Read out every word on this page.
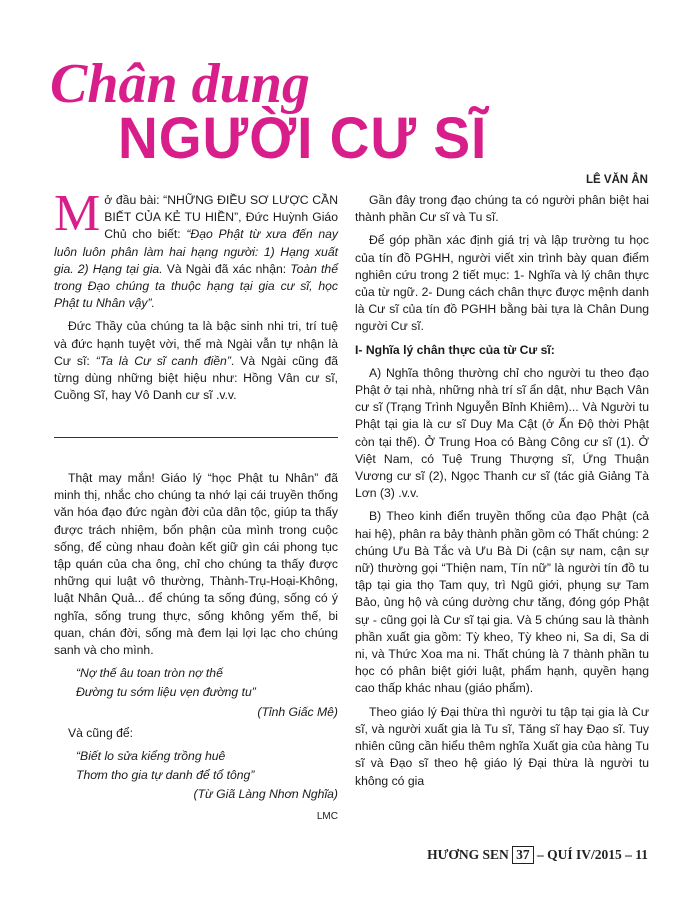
Chân dung
NGƯỜI CƯ SĨ
LÊ VĂN ÂN

Mở đầu bài: “NHỮNG ĐIỀU SƠ LƯỢC CẦN BIẾT CỦA KẺ TU HIỀN”, Đức Huỳnh Giáo Chủ cho biết: “Đạo Phật từ xưa đến nay luôn luôn phân làm hai hạng người: 1) Hạng xuất gia. 2) Hạng tại gia. Và Ngài đã xác nhận: Toàn thể trong Đạo chúng ta thuộc hạng tại gia cư sĩ, học Phật tu Nhân vậy”.

Đức Thầy của chúng ta là bậc sinh nhi tri, trí tuệ và đức hạnh tuyệt vời, thế mà Ngài vẫn tự nhận là Cư sĩ: “Ta là Cư sĩ canh điền”. Và Ngài cũng đã từng dùng những biệt hiệu như: Hồng Vân cư sĩ, Cuồng Sĩ, hay Vô Danh cư sĩ .v.v.

Thật may mắn! Giáo lý “học Phật tu Nhân” đã minh thị, nhắc cho chúng ta nhớ lại cái truyền thống văn hóa đạo đức ngàn đời của dân tộc, giúp ta thấy được trách nhiệm, bổn phận của mình trong cuộc sống, để cùng nhau đoàn kết giữ gìn cái phong tục tập quán của cha ông, chỉ cho chúng ta thấy được những qui luật vô thường, Thành-Trụ-Hoại-Không, luật Nhân Quả... để chúng ta sống đúng, sống có ý nghĩa, sống trung thực, sống không yếm thế, bi quan, chán đời, sống mà đem lại lợi lạc cho chúng sanh và cho mình.

“Nợ thế âu toan tròn nợ thế

Đường tu sớm liệu vẹn đường tu”

(Tỉnh Giấc Mê)

Và cũng để:

“Biết lo sửa kiểng trồng huê

Thơm tho gia tự danh để tổ tông”

(Từ Giã Làng Nhơn Nghĩa)

LMC

Gần đây trong đạo chúng ta có người phân biệt hai thành phần Cư sĩ và Tu sĩ.

Để góp phần xác định giá trị và lập trường tu học của tín đồ PGHH, người viết xin trình bày quan điểm nghiên cứu trong 2 tiết mục: 1- Nghĩa và lý chân thực của từ ngữ. 2- Dung cách chân thực được mệnh danh là Cư sĩ của tín đồ PGHH bằng bài tựa là Chân Dung người Cư sĩ.

I- Nghĩa lý chân thực của từ Cư sĩ:

A) Nghĩa thông thường chỉ cho người tu theo đạo Phật ở tại nhà, những nhà trí sĩ ẩn dật, như Bạch Vân cư sĩ (Trạng Trình Nguyễn Bỉnh Khiêm)... Và Người tu Phật tại gia là cư sĩ Duy Ma Cật (ở Ấn Độ thời Phật còn tại thế). Ở Trung Hoa có Bàng Công cư sĩ (1). Ở Việt Nam, có Tuệ Trung Thượng sĩ, Ứng Thuận Vương cư sĩ (2), Ngọc Thanh cư sĩ (tác giả Giảng Tà Lơn (3) .v.v.

B) Theo kinh điển truyền thống của đạo Phật (cả hai hệ), phân ra bảy thành phần gồm có Thất chúng: 2 chúng Ưu Bà Tắc và Ưu Bà Di (cận sự nam, cận sự nữ) thường gọi “Thiện nam, Tín nữ” là người tín đồ tu tập tại gia thọ Tam quy, trì Ngũ giới, phụng sự Tam Bảo, ủng hộ và cúng dường chư tăng, đóng góp Phật sự - cũng gọi là Cư sĩ tại gia. Và 5 chúng sau là thành phần xuất gia gồm: Tỳ kheo, Tỳ kheo ni, Sa di, Sa di ni, và Thức Xoa ma ni. Thất chúng là 7 thành phần tu học có phân biệt giới luật, phẩm hạnh, quyền hạng cao thấp khác nhau (giáo phẩm).

Theo giáo lý Đại thừa thì người tu tập tại gia là Cư sĩ, và người xuất gia là Tu sĩ, Tăng sĩ hay Đạo sĩ. Tuy nhiên cũng cần hiểu thêm nghĩa Xuất gia của hàng Tu sĩ và Đạo sĩ theo hệ giáo lý Đại thừa là người tu không có gia

HƯƠNG SEN 37 – QUÍ IV/2015 – 11
